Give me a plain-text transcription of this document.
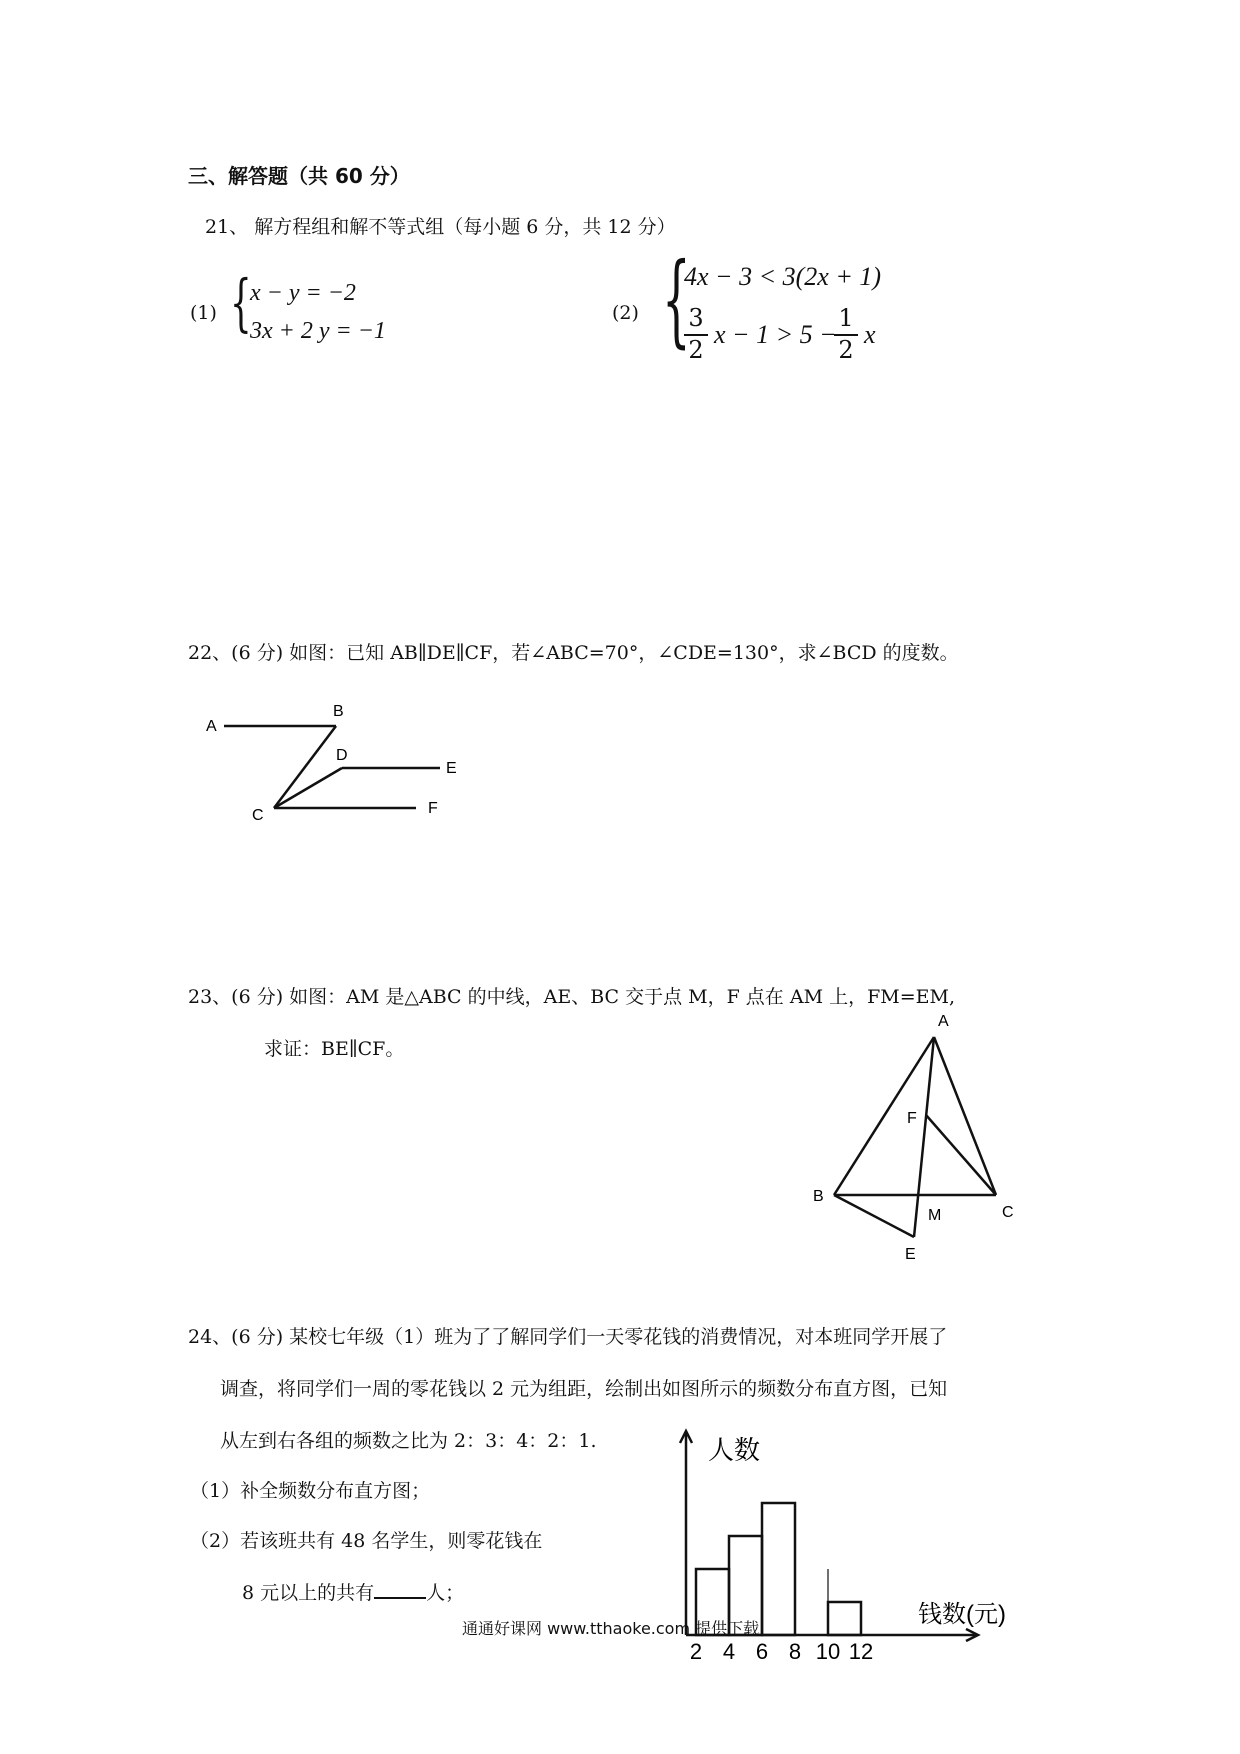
三、解答题（共 60 分）
21、 解方程组和解不等式组（每小题 6 分，共 12 分）
(1) {
x − y = −2
3x + 2 y = −1
(2) {
4x − 3 < 3(2x + 1)
3
2
x − 1 > 5 −
1
2
x
22、(6 分) 如图：已知 AB∥DE∥CF，若∠ABC=70°，∠CDE=130°，求∠BCD 的度数。
A
B
D
E
C	F
23、(6 分) 如图：AM 是△ABC 的中线，AE、BC 交于点 M，F 点在 AM 上，FM=EM,
求证：BE∥CF。
A
F
B
C
M
E
24、(6 分) 某校七年级（1）班为了了解同学们一天零花钱的消费情况，对本班同学开展了
调查，将同学们一周的零花钱以 2 元为组距，绘制出如图所示的频数分布直方图，已知
从左到右各组的频数之比为 2：3：4：2：1.
（1）补全频数分布直方图；
（2）若该班共有 48 名学生，则零花钱在
8 元以上的共有	人；
2 4 6 8 10 12
人数
钱数(元)
通通好课网 www.tthaoke.com 提供下载
